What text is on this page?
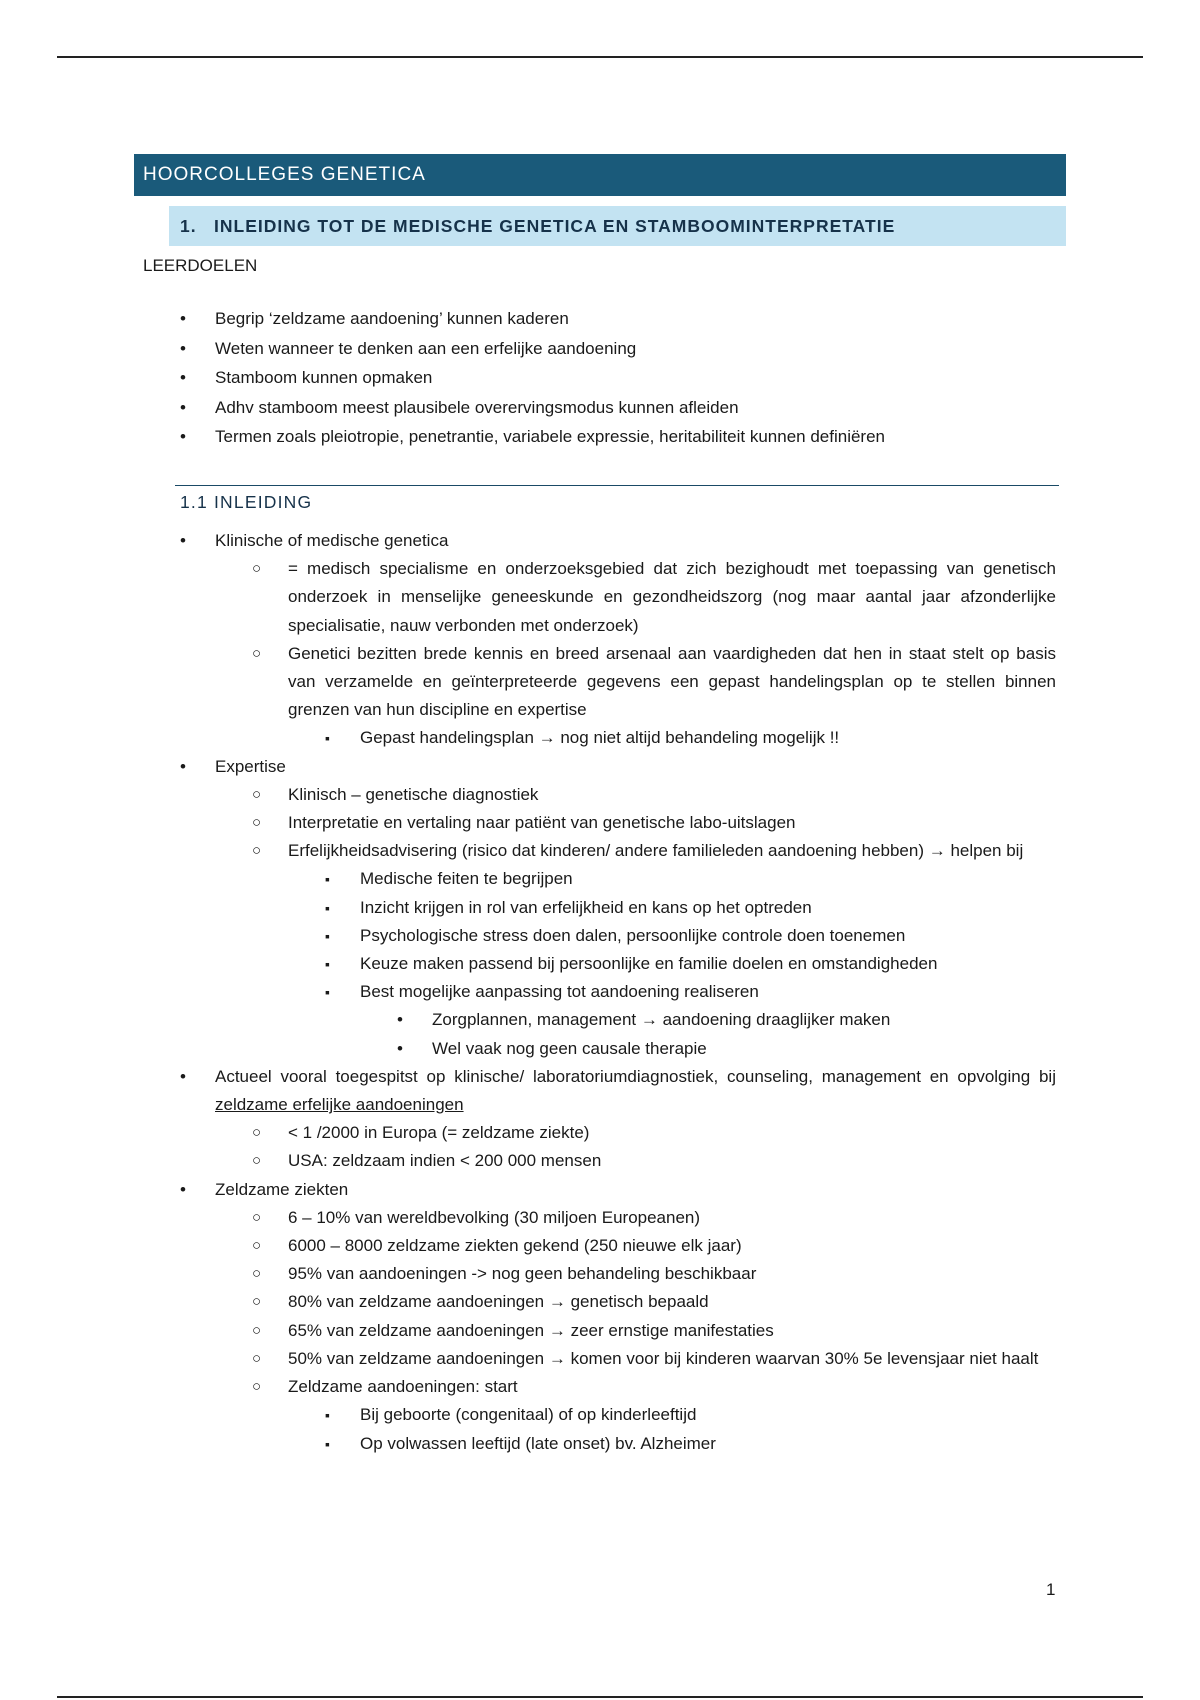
HOORCOLLEGES GENETICA
1. INLEIDING TOT DE MEDISCHE GENETICA EN STAMBOOMINTERPRETATIE
LEERDOELEN
• Begrip ‘zeldzame aandoening’ kunnen kaderen
• Weten wanneer te denken aan een erfelijke aandoening
• Stamboom kunnen opmaken
• Adhv stamboom meest plausibele overervingsmodus kunnen afleiden
• Termen zoals pleiotropie, penetrantie, variabele expressie, heritabiliteit kunnen definiëren
1.1 INLEIDING
• Klinische of medische genetica
○ = medisch specialisme en onderzoeksgebied dat zich bezighoudt met toepassing van genetisch onderzoek in menselijke geneeskunde en gezondheidszorg (nog maar aantal jaar afzonderlijke specialisatie, nauw verbonden met onderzoek)
○ Genetici bezitten brede kennis en breed arsenaal aan vaardigheden dat hen in staat stelt op basis van verzamelde en geïnterpreteerde gegevens een gepast handelingsplan op te stellen binnen grenzen van hun discipline en expertise
▪ Gepast handelingsplan → nog niet altijd behandeling mogelijk !!
• Expertise
○ Klinisch – genetische diagnostiek
○ Interpretatie en vertaling naar patiënt van genetische labo-uitslagen
○ Erfelijkheidsadvisering (risico dat kinderen/ andere familieleden aandoening hebben) → helpen bij
▪ Medische feiten te begrijpen
▪ Inzicht krijgen in rol van erfelijkheid en kans op het optreden
▪ Psychologische stress doen dalen, persoonlijke controle doen toenemen
▪ Keuze maken passend bij persoonlijke en familie doelen en omstandigheden
▪ Best mogelijke aanpassing tot aandoening realiseren
• Zorgplannen, management → aandoening draaglijker maken
• Wel vaak nog geen causale therapie
• Actueel vooral toegespitst op klinische/ laboratoriumdiagnostiek, counseling, management en opvolging bij zeldzame erfelijke aandoeningen
○ < 1 /2000 in Europa (= zeldzame ziekte)
○ USA: zeldzaam indien < 200 000 mensen
• Zeldzame ziekten
○ 6 – 10% van wereldbevolking (30 miljoen Europeanen)
○ 6000 – 8000 zeldzame ziekten gekend (250 nieuwe elk jaar)
○ 95% van aandoeningen -> nog geen behandeling beschikbaar
○ 80% van zeldzame aandoeningen → genetisch bepaald
○ 65% van zeldzame aandoeningen → zeer ernstige manifestaties
○ 50% van zeldzame aandoeningen → komen voor bij kinderen waarvan 30% 5e levensjaar niet haalt
○ Zeldzame aandoeningen: start
▪ Bij geboorte (congenitaal) of op kinderleeftijd
▪ Op volwassen leeftijd (late onset) bv. Alzheimer
1
